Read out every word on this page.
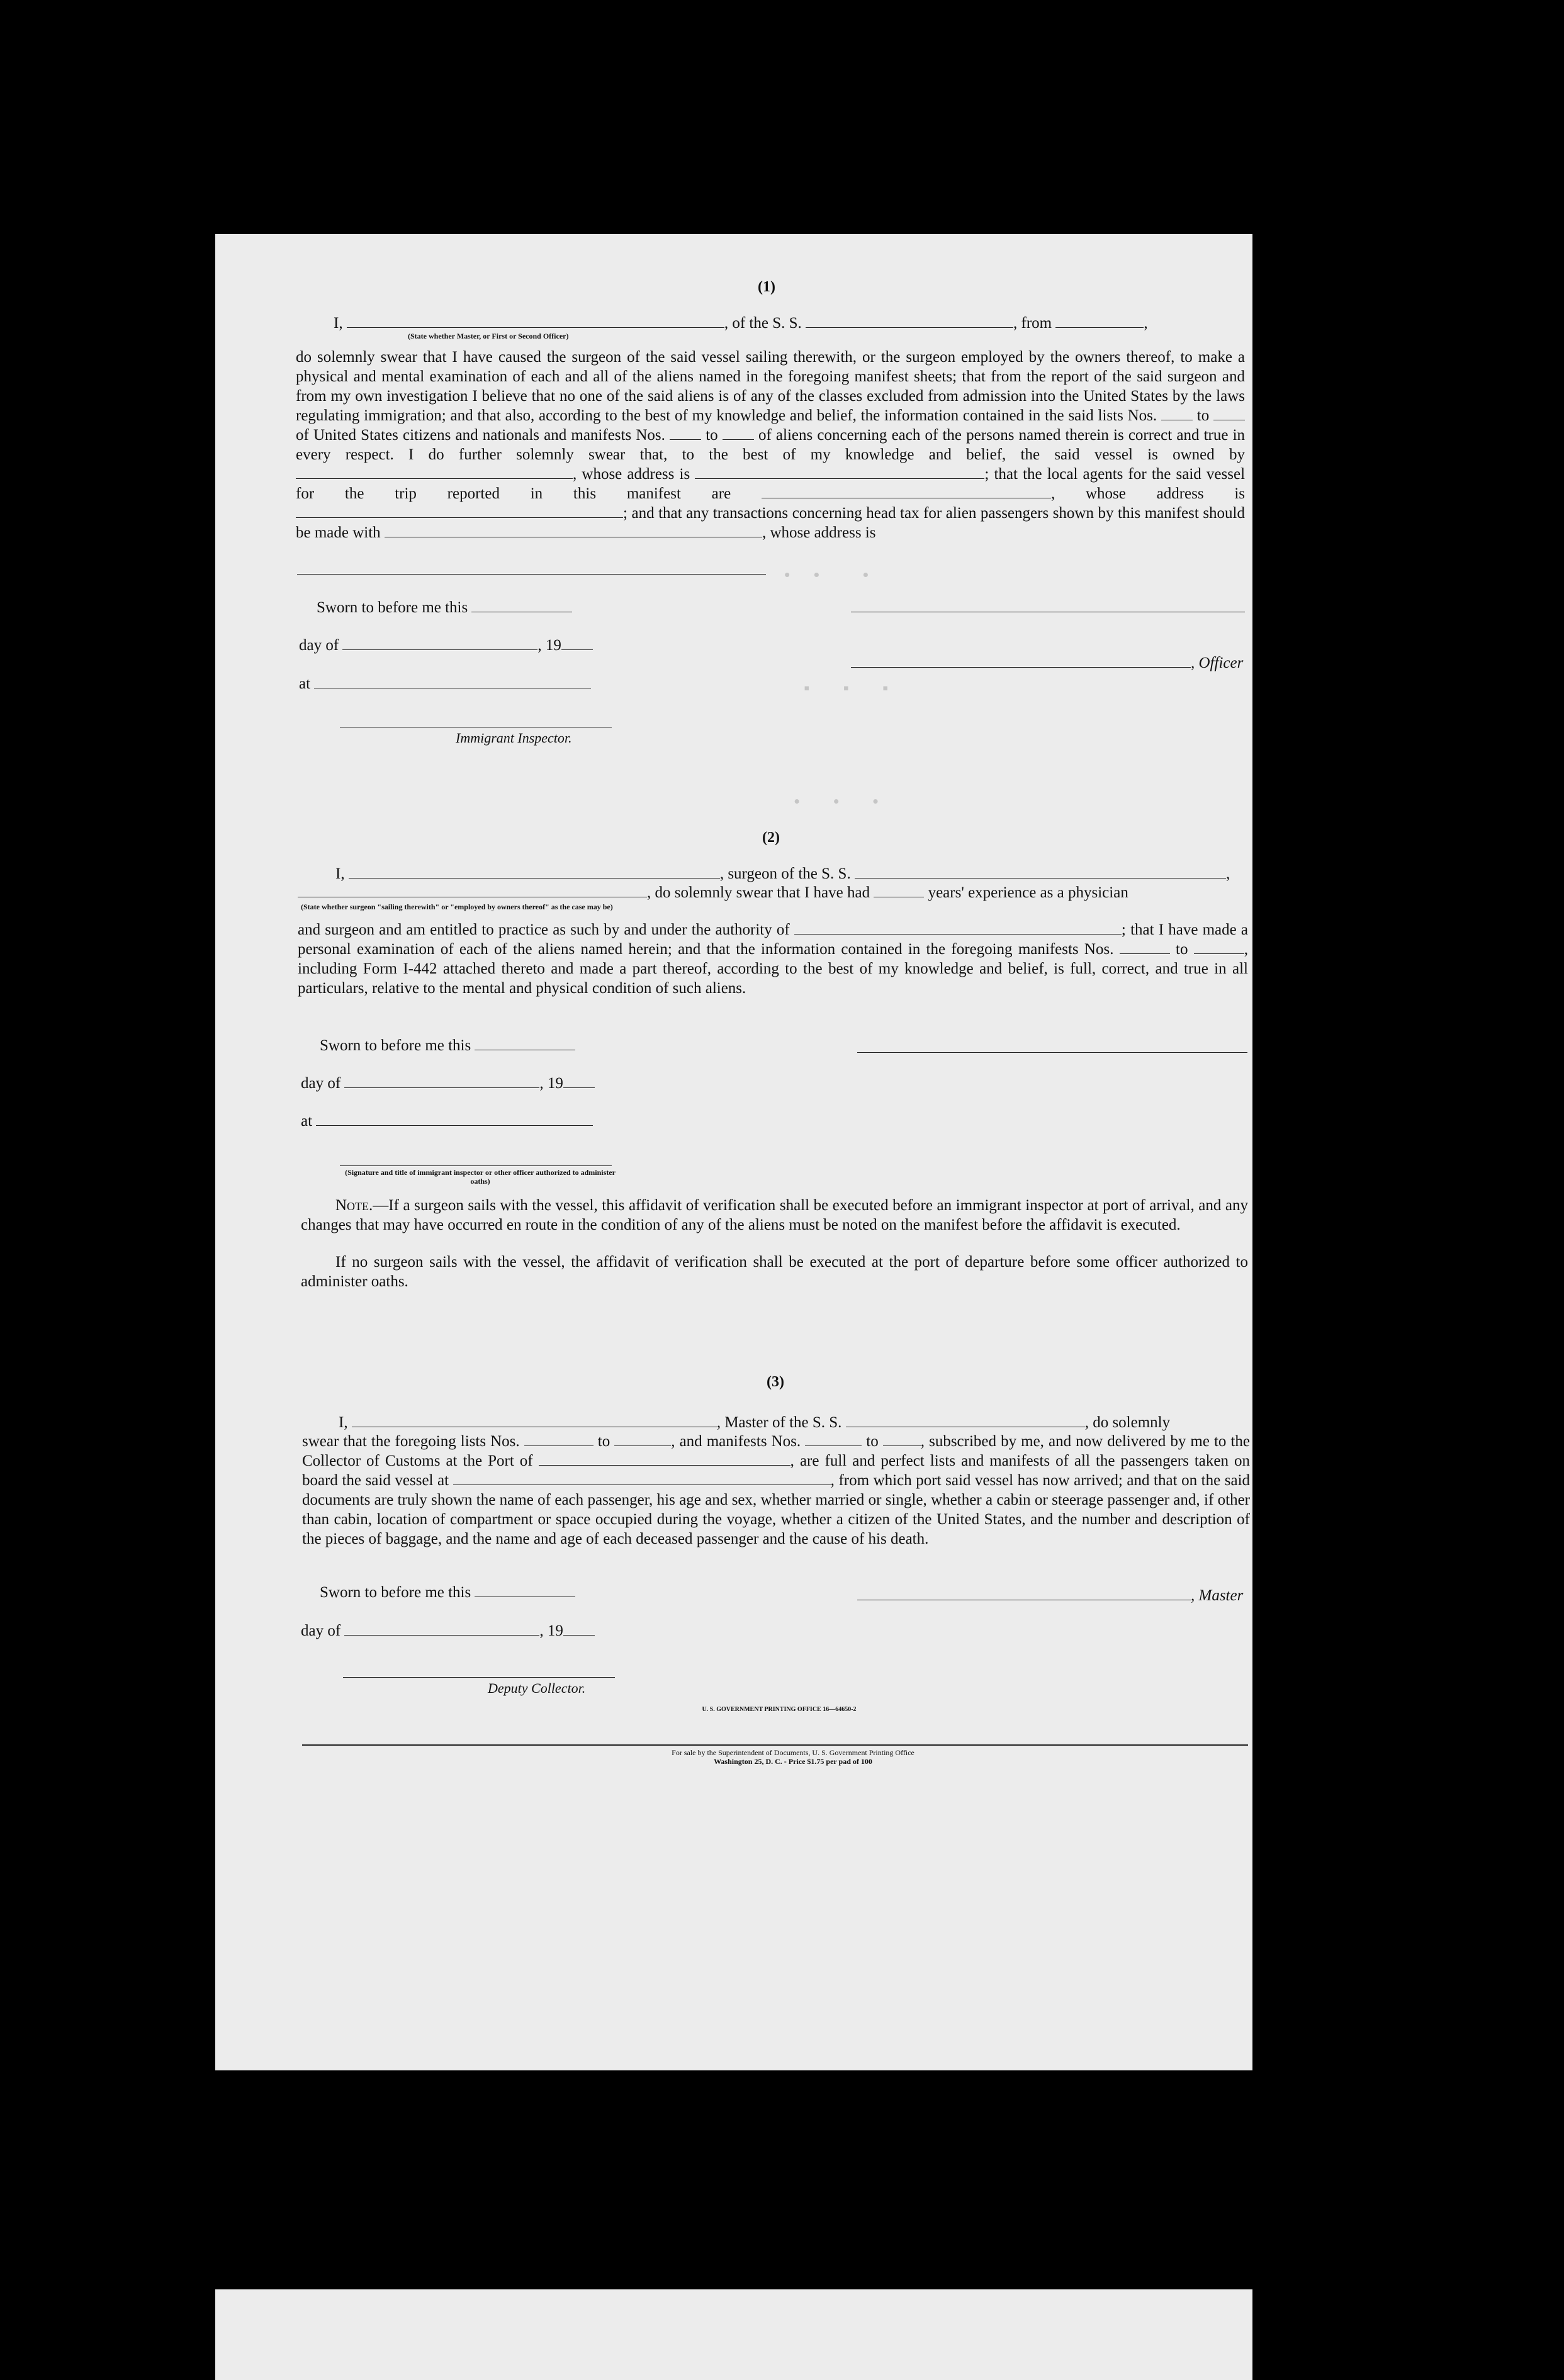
•  •    •
▪   ▪   ▪
•   •   •
(1)
I,	, of the S. S.	, from	,
(State whether Master, or First or Second Officer)
do solemnly swear that I have caused the surgeon of the said vessel sailing therewith, or the surgeon employed by the owners thereof, to make a physical and mental examination of each and all of the aliens named in the foregoing manifest sheets; that from the report of the said surgeon and from my own investigation I believe that no one of the said aliens is of any of the classes excluded from admission into the United States by the laws regulating immigration; and that also, according to the best of my knowledge and belief, the information contained in the said lists Nos.	to  of United States citizens and nationals and manifests Nos.	to	of aliens concerning each of the persons named therein is correct and true in every respect. I do further solemnly swear that, to the best of my knowledge and belief, the said vessel is owned by , whose address is	; that the local agents for the said vessel for the trip reported in this manifest are	, whose address is ; and that any transactions concerning head tax for alien passengers shown by this manifest should be made with	, whose address is
Sworn to before me this
day of	, 19
at
Immigrant Inspector.
, Officer
(2)
I,	, surgeon of the S. S.	,
, do solemnly swear that I have had	years' experience as a physician
(State whether surgeon "sailing therewith" or "employed by owners thereof" as the case may be)
and surgeon and am entitled to practice as such by and under the authority of	; that I have made a personal examination of each of the aliens named herein; and that the information contained in the foregoing manifests Nos.	to	, including Form I-442 attached thereto and made a part thereof, according to the best of my knowledge and belief, is full, correct, and true in all particulars, relative to the mental and physical condition of such aliens.
Sworn to before me this
day of	, 19
at
(Signature and title of immigrant inspector or other officer authorized to administer oaths)
Note.—If a surgeon sails with the vessel, this affidavit of verification shall be executed before an immigrant inspector at port of arrival, and any changes that may have occurred en route in the condition of any of the aliens must be noted on the manifest before the affidavit is executed.
If no surgeon sails with the vessel, the affidavit of verification shall be executed at the port of departure before some officer authorized to administer oaths.
(3)
I,	, Master of the S. S.	, do solemnly
swear that the foregoing lists Nos.	to	, and manifests Nos.	to	, subscribed by me, and now delivered by me to the Collector of Customs at the Port of	, are full and perfect lists and manifests of all the passengers taken on board the said vessel at	, from which port said vessel has now arrived; and that on the said documents are truly shown the name of each passenger, his age and sex, whether married or single, whether a cabin or steerage passenger and, if other than cabin, location of compartment or space occupied during the voyage, whether a citizen of the United States, and the number and description of the pieces of baggage, and the name and age of each deceased passenger and the cause of his death.
Sworn to before me this	, Master
day of	, 19
Deputy Collector.
U. S. GOVERNMENT PRINTING OFFICE 16—64650-2
For sale by the Superintendent of Documents, U. S. Government Printing Office
Washington 25, D. C. - Price $1.75 per pad of 100
